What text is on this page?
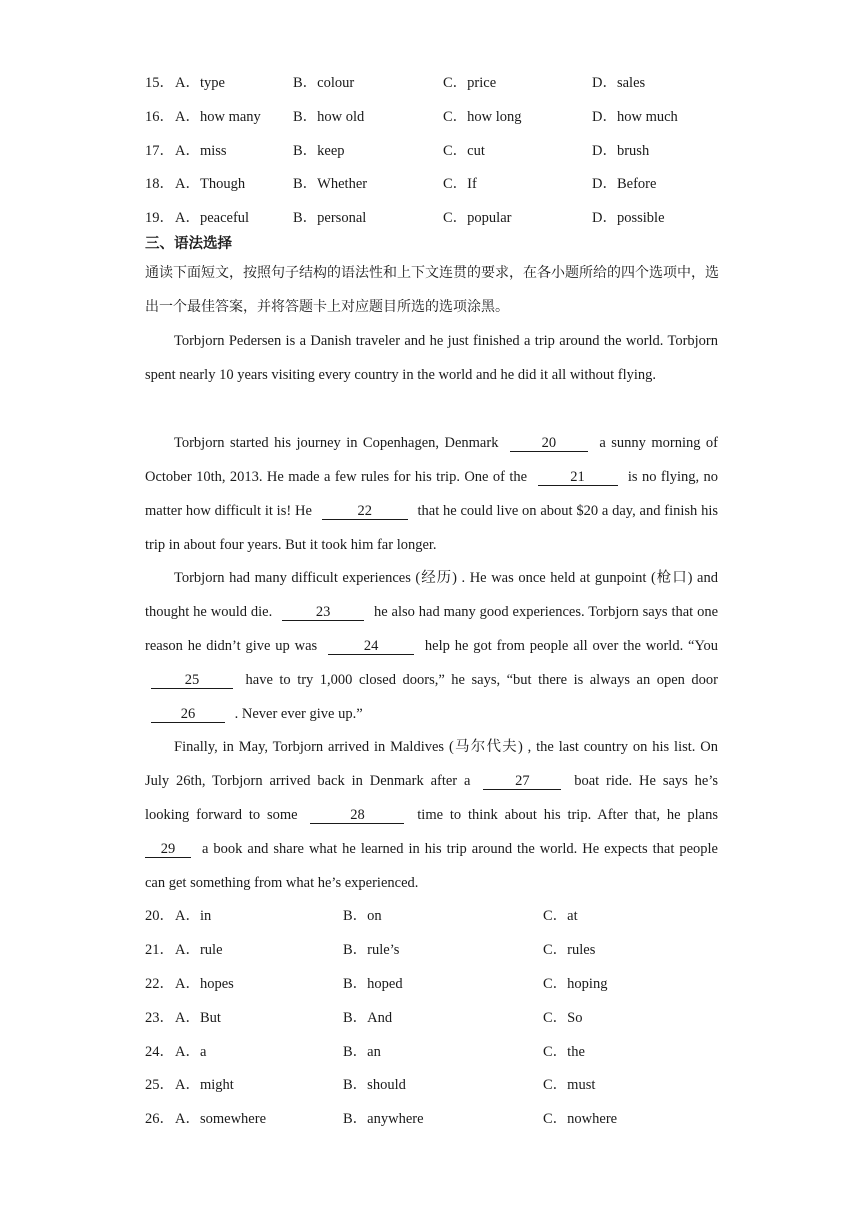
15． A．type	B．colour	C．price	D．sales
16． A．how many B．how old	C．how long	D．how much
17． A．miss	B．keep	C．cut	D．brush
18． A．Though	B．Whether	C．If	D．Before
19． A．peaceful	B．personal	C．popular	D．possible
三、语法选择
通读下面短文，按照句子结构的语法性和上下文连贯的要求，在各小题所给的四个选项中，选出一个最佳答案，并将答题卡上对应题目所选的选项涂黑。
Torbjorn Pedersen is a Danish traveler and he just finished a trip around the world. Torbjorn spent nearly 10 years visiting every country in the world and he did it all without flying.
Torbjorn started his journey in Copenhagen, Denmark	20	a sunny morning of October 10th, 2013. He made a few rules for his trip. One of the	21	is no flying, no matter how difficult it is! He	22	that he could live on about $20 a day, and finish his trip in about four years. But it took him far longer.
Torbjorn had many difficult experiences (经历) . He was once held at gunpoint (枪口) and thought he would die.	23	he also had many good experiences. Torbjorn says that one reason he didn’t give up was	24	help he got from people all over the world. “You 25	have to try 1,000 closed doors,” he says, “but there is always an open door 26	. Never ever give up.”
Finally, in May, Torbjorn arrived in Maldives (马尔代夫) , the last country on his list. On July 26th, Torbjorn arrived back in Denmark after a	27	boat ride. He says he’s looking forward to some	28	time to think about his trip. After that, he plans 29 a book and share what he learned in his trip around the world. He expects that people can get something from what he’s experienced.
20． A．in	B．on	C．at
21． A．rule	B．rule’s	C．rules
22． A．hopes	B．hoped	C．hoping
23． A．But	B．And	C．So
24． A．a	B．an	C．the
25． A．might	B．should	C．must
26． A．somewhere	B．anywhere	C．nowhere
